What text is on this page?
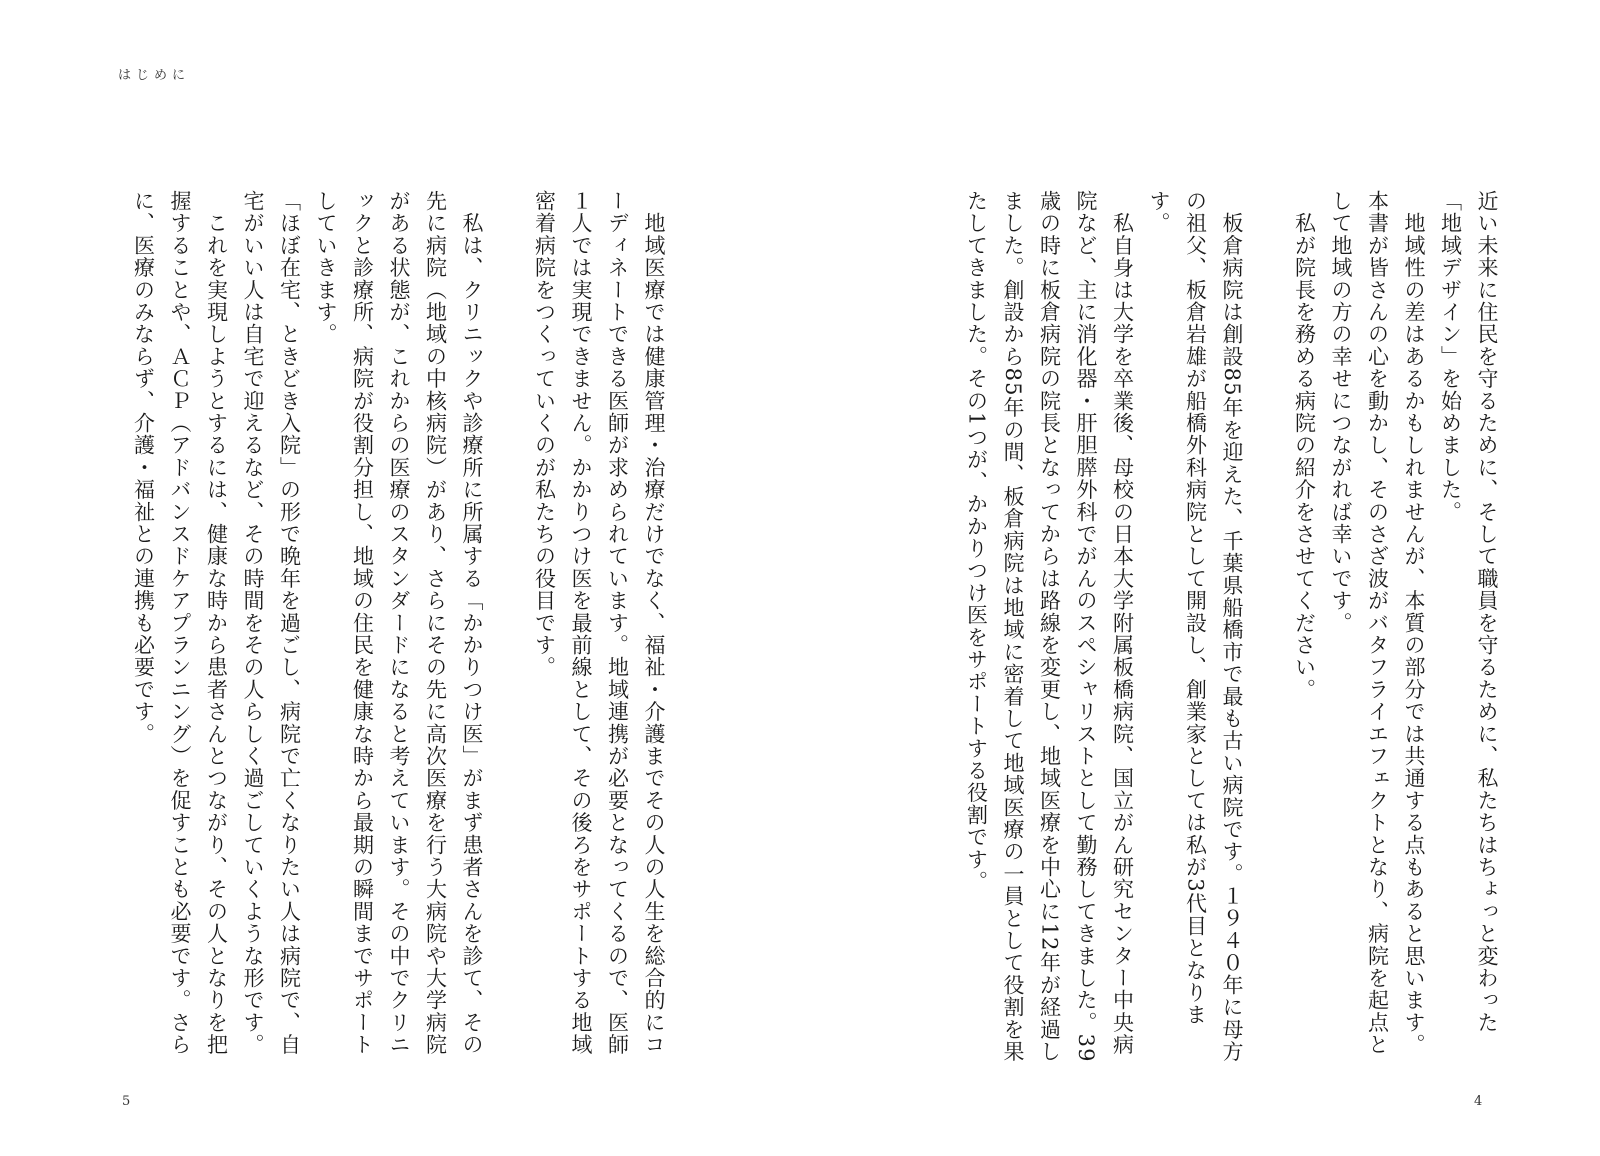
はじめに

近い未来に住民を守るために、そして職員を守るために、私たちはちょっと変わった「地域デザイン」を始めました。

　地域性の差はあるかもしれませんが、本質の部分では共通する点もあると思います。本書が皆さんの心を動かし、そのさざ波がバタフライエフェクトとなり、病院を起点として地域の方の幸せにつながれば幸いです。

　私が院長を務める病院の紹介をさせてください。

　板倉病院は創設85年を迎えた、千葉県船橋市で最も古い病院です。１９４０年に母方の祖父、板倉岩雄が船橋外科病院として開設し、創業家としては私が3代目となります。

　私自身は大学を卒業後、母校の日本大学附属板橋病院、国立がん研究センター中央病院など、主に消化器・肝胆膵外科でがんのスペシャリストとして勤務してきました。39歳の時に板倉病院の院長となってからは路線を変更し、地域医療を中心に12年が経過しました。創設から85年の間、板倉病院は地域に密着して地域医療の一員として役割を果たしてきました。その1つが、かかりつけ医をサポートする役割です。

　地域医療では健康管理・治療だけでなく、福祉・介護までその人の人生を総合的にコーディネートできる医師が求められています。地域連携が必要となってくるので、医師１人では実現できません。かかりつけ医を最前線として、その後ろをサポートする地域密着病院をつくっていくのが私たちの役目です。

　私は、クリニックや診療所に所属する「かかりつけ医」がまず患者さんを診て、その先に病院（地域の中核病院）があり、さらにその先に高次医療を行う大病院や大学病院がある状態が、これからの医療のスタンダードになると考えています。その中でクリニックと診療所、病院が役割分担し、地域の住民を健康な時から最期の瞬間までサポートしていきます。

「ほぼ在宅、ときどき入院」の形で晩年を過ごし、病院で亡くなりたい人は病院で、自宅がいい人は自宅で迎えるなど、その時間をその人らしく過ごしていくような形です。

　これを実現しようとするには、健康な時から患者さんとつながり、その人となりを把握することや、ＡＣＰ（アドバンスドケアプランニング）を促すことも必要です。さらに、医療のみならず、介護・福祉との連携も必要です。

5	4
